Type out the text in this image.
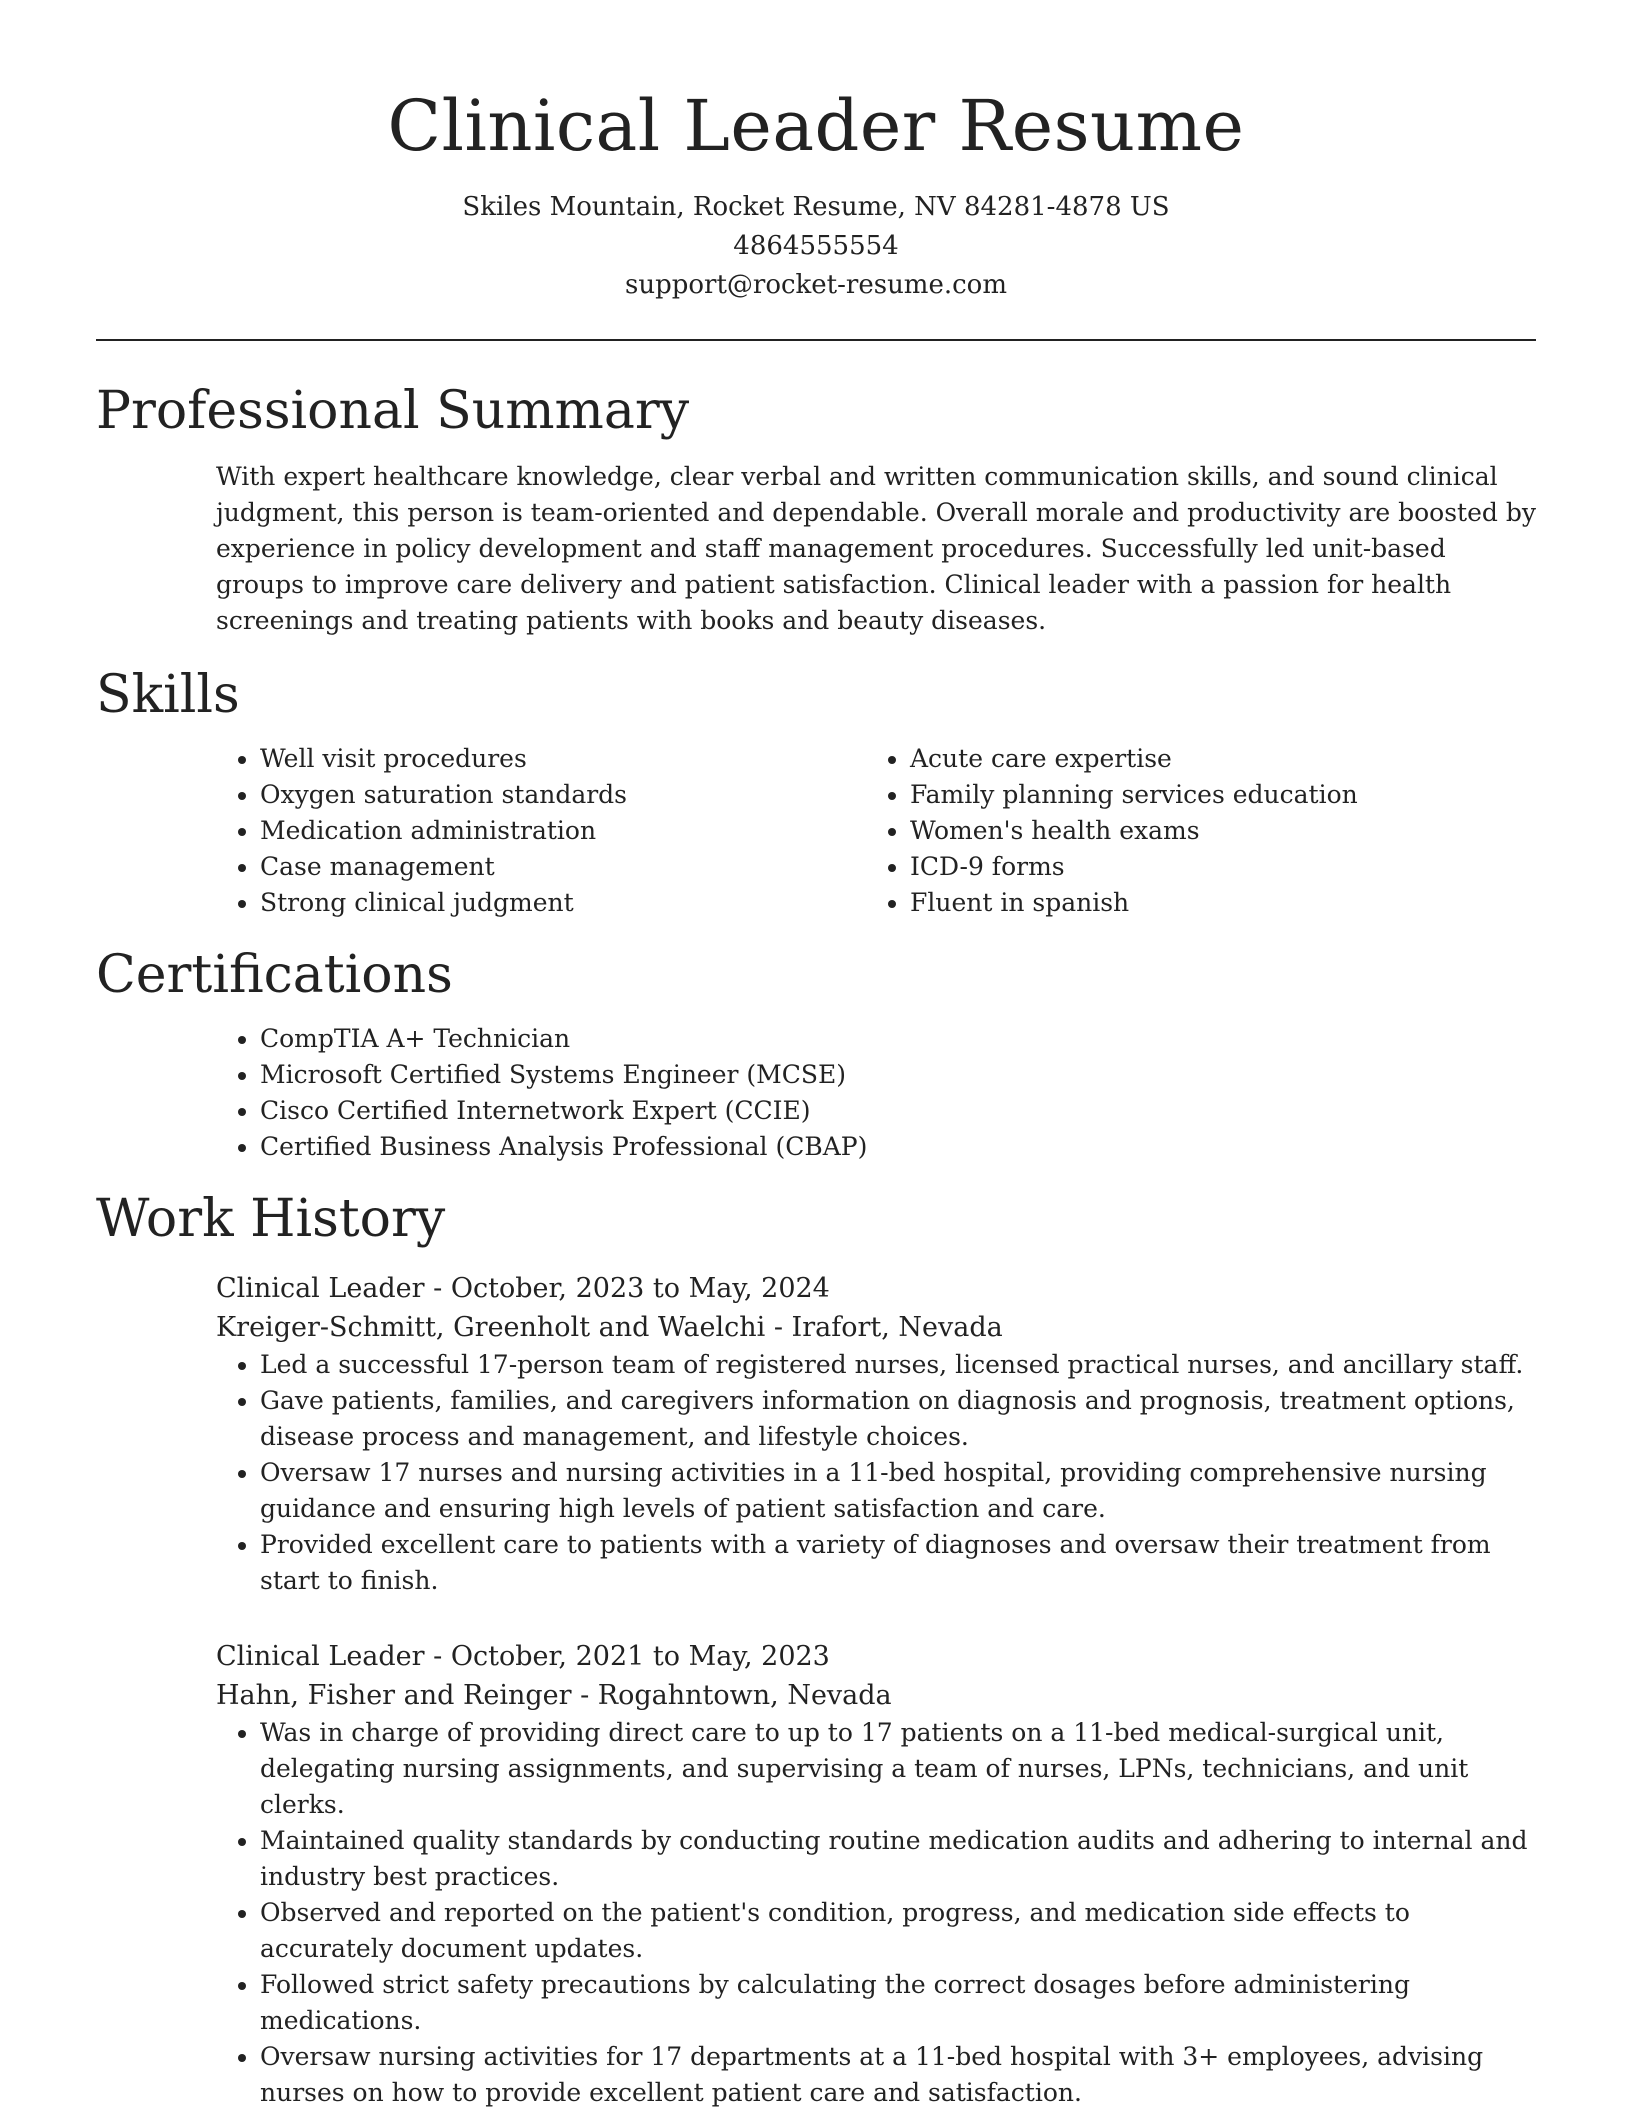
Clinical Leader Resume
Skiles Mountain, Rocket Resume, NV 84281-4878 US
4864555554
support@rocket-resume.com
Professional Summary

With expert healthcare knowledge, clear verbal and written communication skills, and sound clinical judgment, this person is team-oriented and dependable. Overall morale and productivity are boosted by experience in policy development and staff management procedures. Successfully led unit-based groups to improve care delivery and patient satisfaction. Clinical leader with a passion for health screenings and treating patients with books and beauty diseases.

Skills
• Well visit procedures
• Oxygen saturation standards
• Medication administration
• Case management
• Strong clinical judgment
• Acute care expertise
• Family planning services education
• Women's health exams
• ICD-9 forms
• Fluent in spanish
Certifications
• CompTIA A+ Technician
• Microsoft Certified Systems Engineer (MCSE)
• Cisco Certified Internetwork Expert (CCIE)
• Certified Business Analysis Professional (CBAP)
Work History
Clinical Leader - October, 2023 to May, 2024
Kreiger-Schmitt, Greenholt and Waelchi - Irafort, Nevada
• Led a successful 17-person team of registered nurses, licensed practical nurses, and ancillary staff.
• Gave patients, families, and caregivers information on diagnosis and prognosis, treatment options, disease process and management, and lifestyle choices.
• Oversaw 17 nurses and nursing activities in a 11-bed hospital, providing comprehensive nursing guidance and ensuring high levels of patient satisfaction and care.
• Provided excellent care to patients with a variety of diagnoses and oversaw their treatment from start to finish.
Clinical Leader - October, 2021 to May, 2023
Hahn, Fisher and Reinger - Rogahntown, Nevada
• Was in charge of providing direct care to up to 17 patients on a 11-bed medical-surgical unit, delegating nursing assignments, and supervising a team of nurses, LPNs, technicians, and unit clerks.
• Maintained quality standards by conducting routine medication audits and adhering to internal and industry best practices.
• Observed and reported on the patient's condition, progress, and medication side effects to accurately document updates.
• Followed strict safety precautions by calculating the correct dosages before administering medications.
• Oversaw nursing activities for 17 departments at a 11-bed hospital with 3+ employees, advising nurses on how to provide excellent patient care and satisfaction.
